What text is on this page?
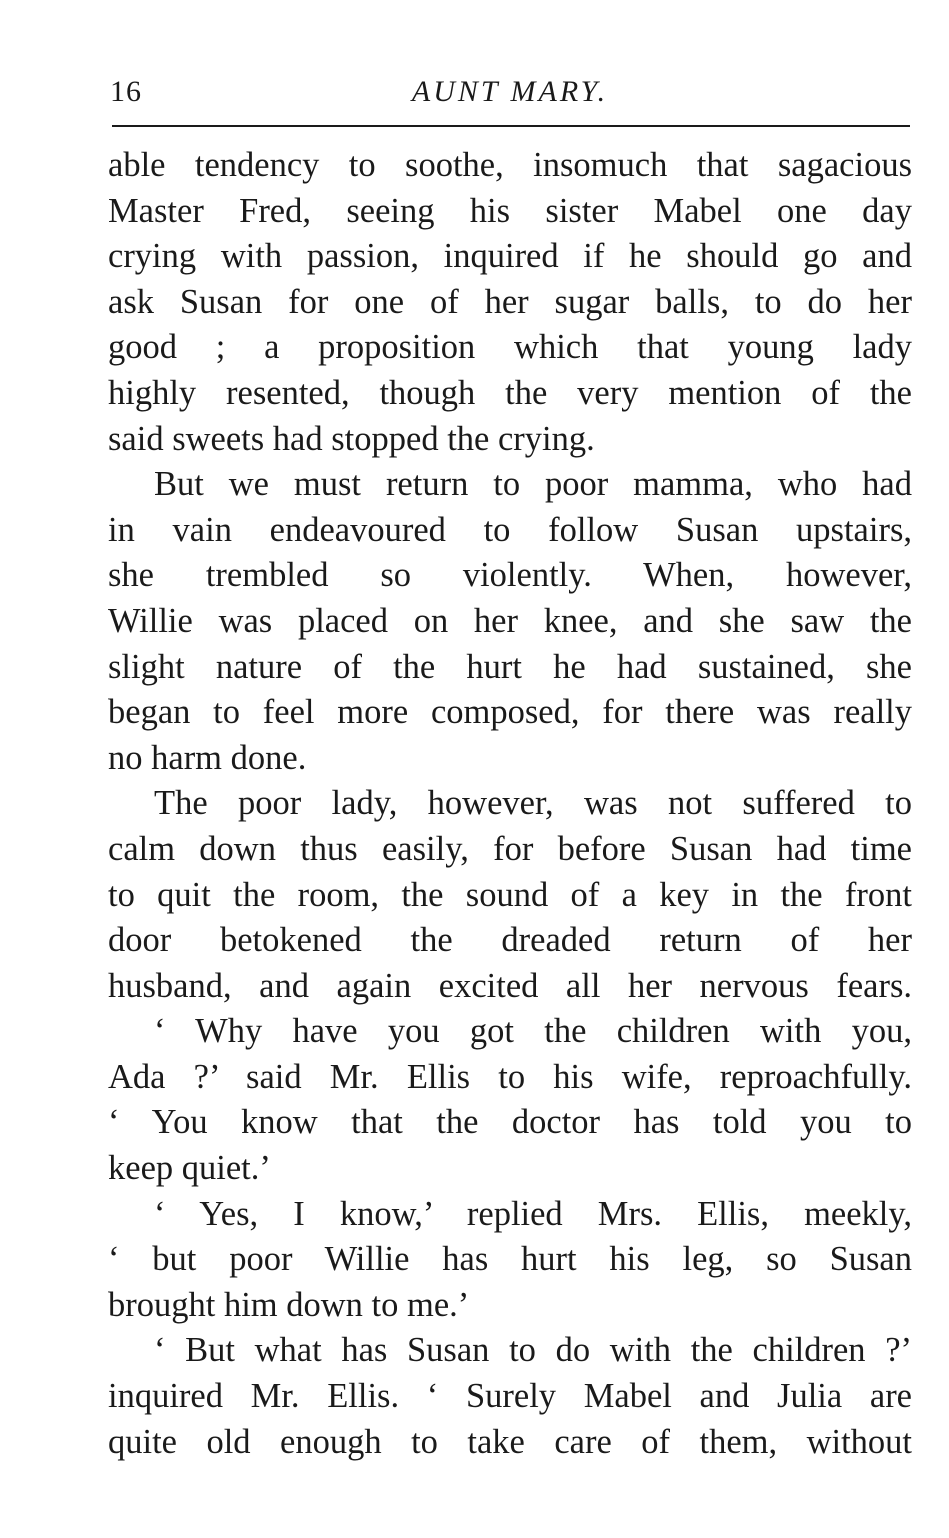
16	AUNT MARY.
able tendency to soothe, insomuch that sagacious
Master Fred, seeing his sister Mabel one day
crying with passion, inquired if he should go and
ask Susan for one of her sugar balls, to do her
good ; a proposition which that young lady
highly resented, though the very mention of the
said sweets had stopped the crying.
But we must return to poor mamma, who had
in vain endeavoured to follow Susan upstairs,
she trembled so violently. When, however,
Willie was placed on her knee, and she saw the
slight nature of the hurt he had sustained, she
began to feel more composed, for there was really
no harm done.
The poor lady, however, was not suffered to
calm down thus easily, for before Susan had time
to quit the room, the sound of a key in the front
door betokened the dreaded return of her
husband, and again excited all her nervous fears.
‘ Why have you got the children with you,
Ada ?’ said Mr. Ellis to his wife, reproachfully.
‘ You know that the doctor has told you to
keep quiet.’
‘ Yes, I know,’ replied Mrs. Ellis, meekly,
‘ but poor Willie has hurt his leg, so Susan
brought him down to me.’
‘ But what has Susan to do with the children ?’
inquired Mr. Ellis. ‘ Surely Mabel and Julia are
quite old enough to take care of them, without
